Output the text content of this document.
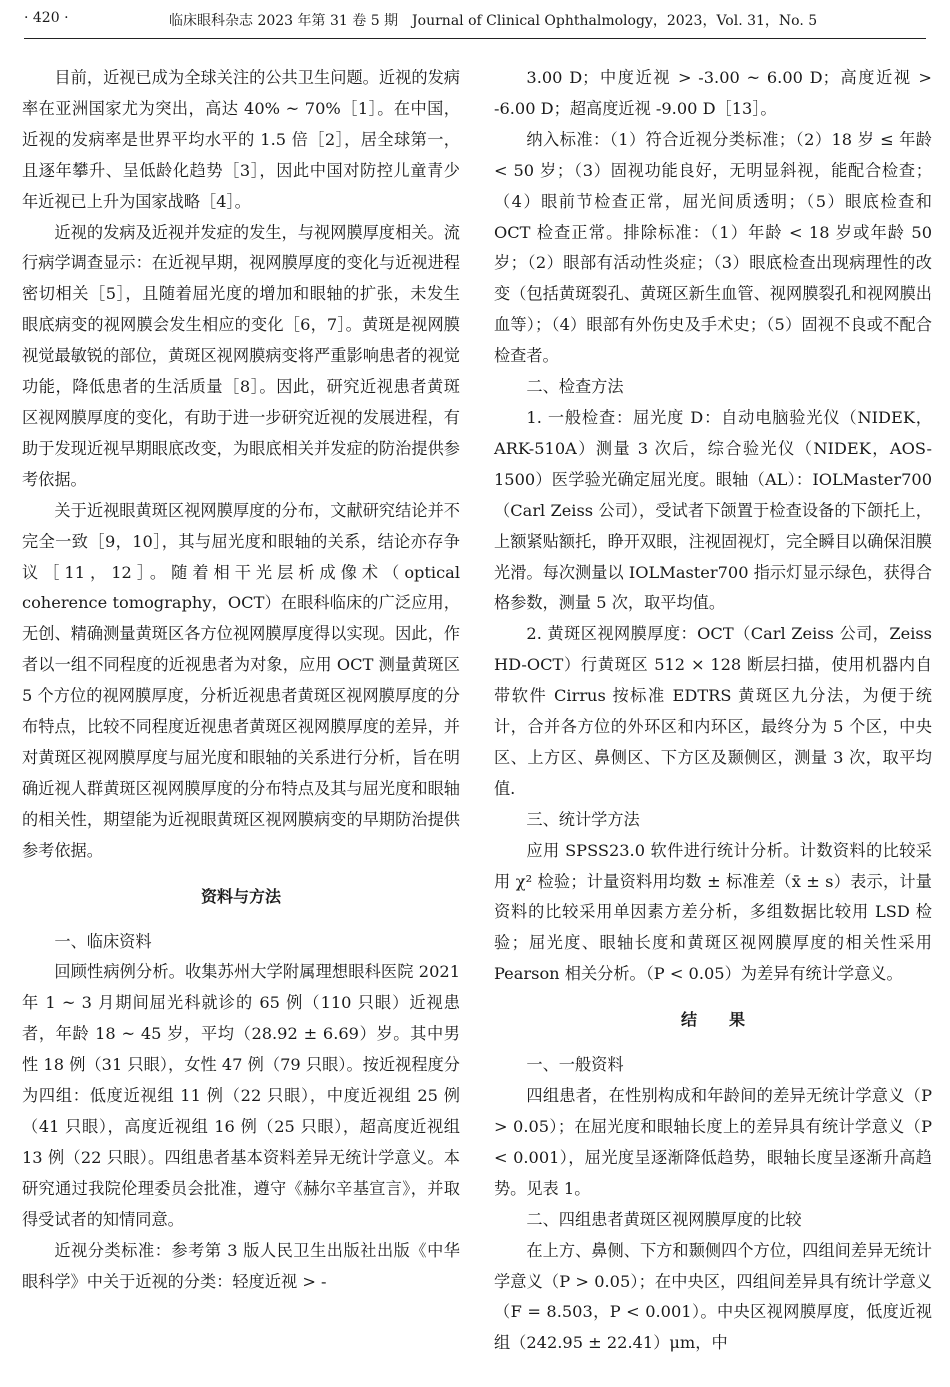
· 420 ·	临床眼科杂志 2023 年第 31 卷 5 期　Journal of Clinical Ophthalmology，2023，Vol. 31，No. 5

目前，近视已成为全球关注的公共卫生问题。近视的发病率在亚洲国家尤为突出，高达 40% ~ 70%［1］。在中国，近视的发病率是世界平均水平的 1.5 倍［2］，居全球第一，且逐年攀升、呈低龄化趋势［3］，因此中国对防控儿童青少年近视已上升为国家战略［4］。

近视的发病及近视并发症的发生，与视网膜厚度相关。流行病学调查显示：在近视早期，视网膜厚度的变化与近视进程密切相关［5］，且随着屈光度的增加和眼轴的扩张，未发生眼底病变的视网膜会发生相应的变化［6，7］。黄斑是视网膜视觉最敏锐的部位，黄斑区视网膜病变将严重影响患者的视觉功能，降低患者的生活质量［8］。因此，研究近视患者黄斑区视网膜厚度的变化，有助于进一步研究近视的发展进程，有助于发现近视早期眼底改变，为眼底相关并发症的防治提供参考依据。

关于近视眼黄斑区视网膜厚度的分布，文献研究结论并不完全一致［9，10］，其与屈光度和眼轴的关系，结论亦存争议［11，12］。随着相干光层析成像术（optical coherence tomography，OCT）在眼科临床的广泛应用，无创、精确测量黄斑区各方位视网膜厚度得以实现。因此，作者以一组不同程度的近视患者为对象，应用 OCT 测量黄斑区 5 个方位的视网膜厚度，分析近视患者黄斑区视网膜厚度的分布特点，比较不同程度近视患者黄斑区视网膜厚度的差异，并对黄斑区视网膜厚度与屈光度和眼轴的关系进行分析，旨在明确近视人群黄斑区视网膜厚度的分布特点及其与屈光度和眼轴的相关性，期望能为近视眼黄斑区视网膜病变的早期防治提供参考依据。

资料与方法
一、临床资料

回顾性病例分析。收集苏州大学附属理想眼科医院 2021 年 1 ~ 3 月期间屈光科就诊的 65 例（110 只眼）近视患者，年龄 18 ~ 45 岁，平均（28.92 ± 6.69）岁。其中男性 18 例（31 只眼），女性 47 例（79 只眼）。按近视程度分为四组：低度近视组 11 例（22 只眼），中度近视组 25 例（41 只眼），高度近视组 16 例（25 只眼），超高度近视组 13 例（22 只眼）。四组患者基本资料差异无统计学意义。本研究通过我院伦理委员会批准，遵守《赫尔辛基宣言》，并取得受试者的知情同意。

近视分类标准：参考第 3 版人民卫生出版社出版《中华眼科学》中关于近视的分类：轻度近视 > -

3.00 D；中度近视 > -3.00 ~ 6.00 D；高度近视 > -6.00 D；超高度近视 -9.00 D［13］。

纳入标准：（1）符合近视分类标准；（2）18 岁 ≤ 年龄 < 50 岁；（3）固视功能良好，无明显斜视，能配合检查；（4）眼前节检查正常，屈光间质透明；（5）眼底检查和 OCT 检查正常。排除标准：（1）年龄 < 18 岁或年龄 50 岁；（2）眼部有活动性炎症；（3）眼底检查出现病理性的改变（包括黄斑裂孔、黄斑区新生血管、视网膜裂孔和视网膜出血等）；（4）眼部有外伤史及手术史；（5）固视不良或不配合检查者。

二、检查方法

1. 一般检查：屈光度 D：自动电脑验光仪（NIDEK，ARK-510A）测量 3 次后，综合验光仪（NIDEK，AOS-1500）医学验光确定屈光度。眼轴（AL）：IOLMaster700（Carl Zeiss 公司），受试者下颌置于检查设备的下颌托上，上额紧贴额托，睁开双眼，注视固视灯，完全瞬目以确保泪膜光滑。每次测量以 IOLMaster700 指示灯显示绿色，获得合格参数，测量 5 次，取平均值。

2. 黄斑区视网膜厚度：OCT（Carl Zeiss 公司，Zeiss HD-OCT）行黄斑区 512 × 128 断层扫描，使用机器内自带软件 Cirrus 按标准 EDTRS 黄斑区九分法，为便于统计，合并各方位的外环区和内环区，最终分为 5 个区，中央区、上方区、鼻侧区、下方区及颞侧区，测量 3 次，取平均值.

三、统计学方法

应用 SPSS23.0 软件进行统计分析。计数资料的比较采用 χ² 检验；计量资料用均数 ± 标准差（x̄ ± s）表示，计量资料的比较采用单因素方差分析，多组数据比较用 LSD 检验；屈光度、眼轴长度和黄斑区视网膜厚度的相关性采用 Pearson 相关分析。（P < 0.05）为差异有统计学意义。

结　　果
一、一般资料

四组患者，在性别构成和年龄间的差异无统计学意义（P > 0.05）；在屈光度和眼轴长度上的差异具有统计学意义（P < 0.001），屈光度呈逐渐降低趋势，眼轴长度呈逐渐升高趋势。见表 1。

二、四组患者黄斑区视网膜厚度的比较

在上方、鼻侧、下方和颞侧四个方位，四组间差异无统计学意义（P > 0.05）；在中央区，四组间差异具有统计学意义（F = 8.503，P < 0.001）。中央区视网膜厚度，低度近视组（242.95 ± 22.41）μm，中
